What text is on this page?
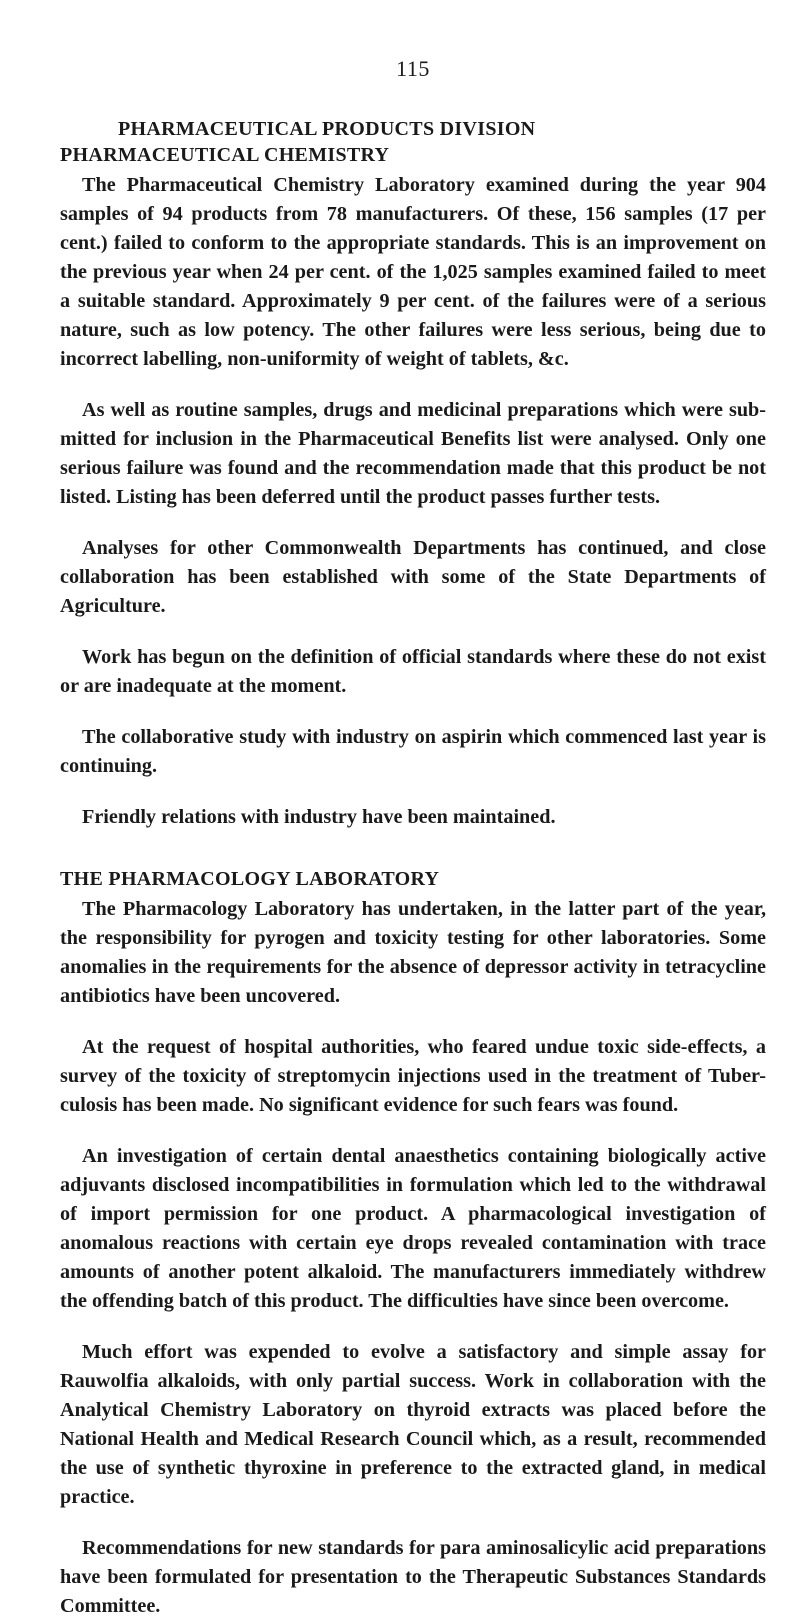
115
PHARMACEUTICAL PRODUCTS DIVISION
PHARMACEUTICAL CHEMISTRY

The Pharmaceutical Chemistry Laboratory examined during the year 904 samples of 94 products from 78 manufacturers. Of these, 156 samples (17 per cent.) failed to conform to the appropriate standards. This is an improvement on the previous year when 24 per cent. of the 1,025 samples examined failed to meet a suitable standard. Approximately 9 per cent. of the failures were of a serious nature, such as low potency. The other failures were less serious, being due to incorrect labelling, non-uniformity of weight of tablets, &c.

As well as routine samples, drugs and medicinal preparations which were sub-mitted for inclusion in the Pharmaceutical Benefits list were analysed. Only one serious failure was found and the recommendation made that this product be not listed. Listing has been deferred until the product passes further tests.

Analyses for other Commonwealth Departments has continued, and close collaboration has been established with some of the State Departments of Agriculture.

Work has begun on the definition of official standards where these do not exist or are inadequate at the moment.

The collaborative study with industry on aspirin which commenced last year is continuing.

Friendly relations with industry have been maintained.

THE PHARMACOLOGY LABORATORY

The Pharmacology Laboratory has undertaken, in the latter part of the year, the responsibility for pyrogen and toxicity testing for other laboratories. Some anomalies in the requirements for the absence of depressor activity in tetracycline antibiotics have been uncovered.

At the request of hospital authorities, who feared undue toxic side-effects, a survey of the toxicity of streptomycin injections used in the treatment of Tuber-culosis has been made. No significant evidence for such fears was found.

An investigation of certain dental anaesthetics containing biologically active adjuvants disclosed incompatibilities in formulation which led to the withdrawal of import permission for one product. A pharmacological investigation of anomalous reactions with certain eye drops revealed contamination with trace amounts of another potent alkaloid. The manufacturers immediately withdrew the offending batch of this product. The difficulties have since been overcome.

Much effort was expended to evolve a satisfactory and simple assay for Rauwolfia alkaloids, with only partial success. Work in collaboration with the Analytical Chemistry Laboratory on thyroid extracts was placed before the National Health and Medical Research Council which, as a result, recommended the use of synthetic thyroxine in preference to the extracted gland, in medical practice.

Recommendations for new standards for para aminosalicylic acid preparations have been formulated for presentation to the Therapeutic Substances Standards Committee.
